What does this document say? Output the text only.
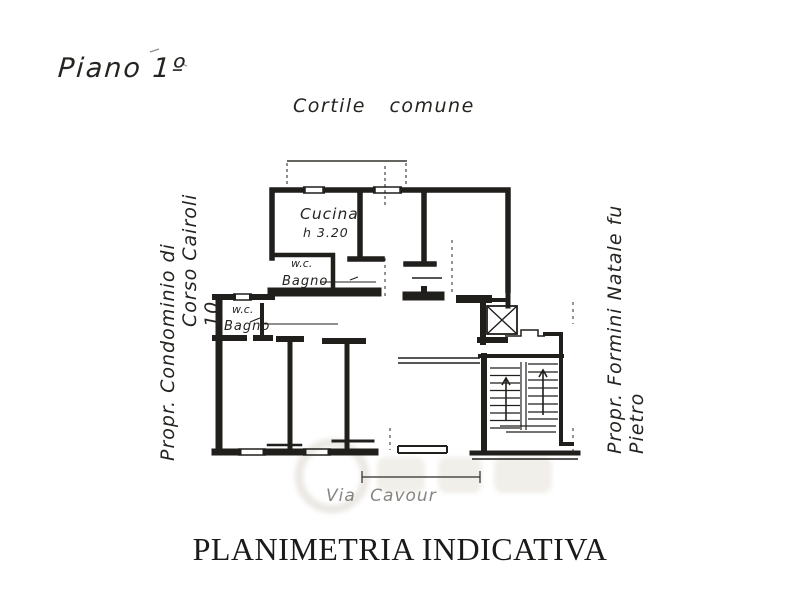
Piano 1º
Cortile comune
Propr. Condominio di Corso Cairoli 10	Propr. Formini Natale fu Pietro
Cucina
h 3.20
w.c.
Bagno
w.c.
Bagno
Via Cavour
PLANIMETRIA INDICATIVA
